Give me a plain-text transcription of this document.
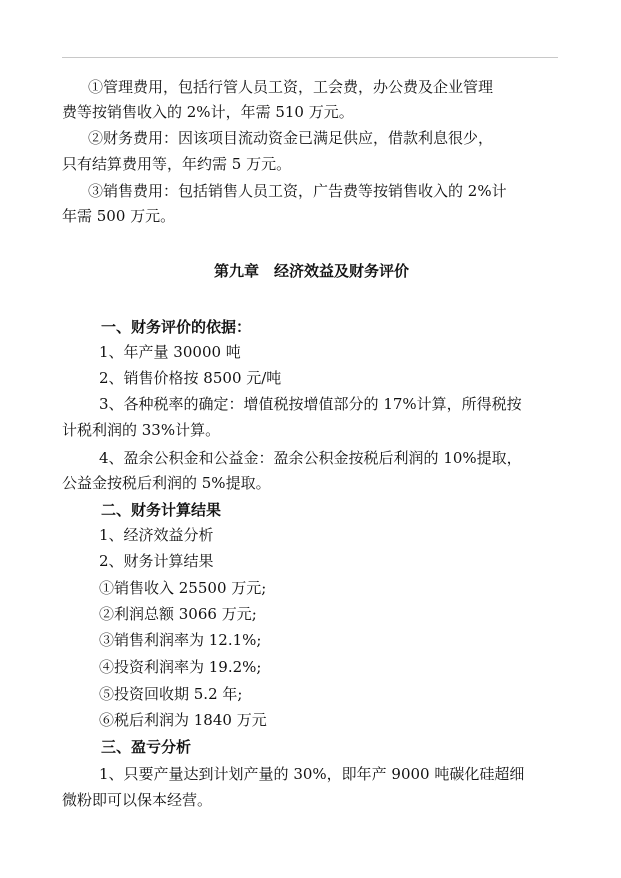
①管理费用，包括行管人员工资，工会费，办公费及企业管理

费等按销售收入的 2%计，年需 510 万元。

②财务费用：因该项目流动资金已满足供应，借款利息很少，

只有结算费用等，年约需 5 万元。

③销售费用：包括销售人员工资，广告费等按销售收入的 2%计

年需 500 万元。

第九章　经济效益及财务评价

一、财务评价的依据：

1、年产量 30000 吨

2、销售价格按 8500 元/吨

3、各种税率的确定：增值税按增值部分的 17%计算，所得税按

计税利润的 33%计算。

4、盈余公积金和公益金：盈余公积金按税后利润的 10%提取，

公益金按税后利润的 5%提取。

二、财务计算结果

1、经济效益分析

2、财务计算结果

①销售收入 25500 万元;

②利润总额 3066 万元;

③销售利润率为 12.1%;

④投资利润率为 19.2%;

⑤投资回收期 5.2 年;

⑥税后利润为 1840 万元

三、盈亏分析

1、只要产量达到计划产量的 30%，即年产 9000 吨碳化硅超细

微粉即可以保本经营。
